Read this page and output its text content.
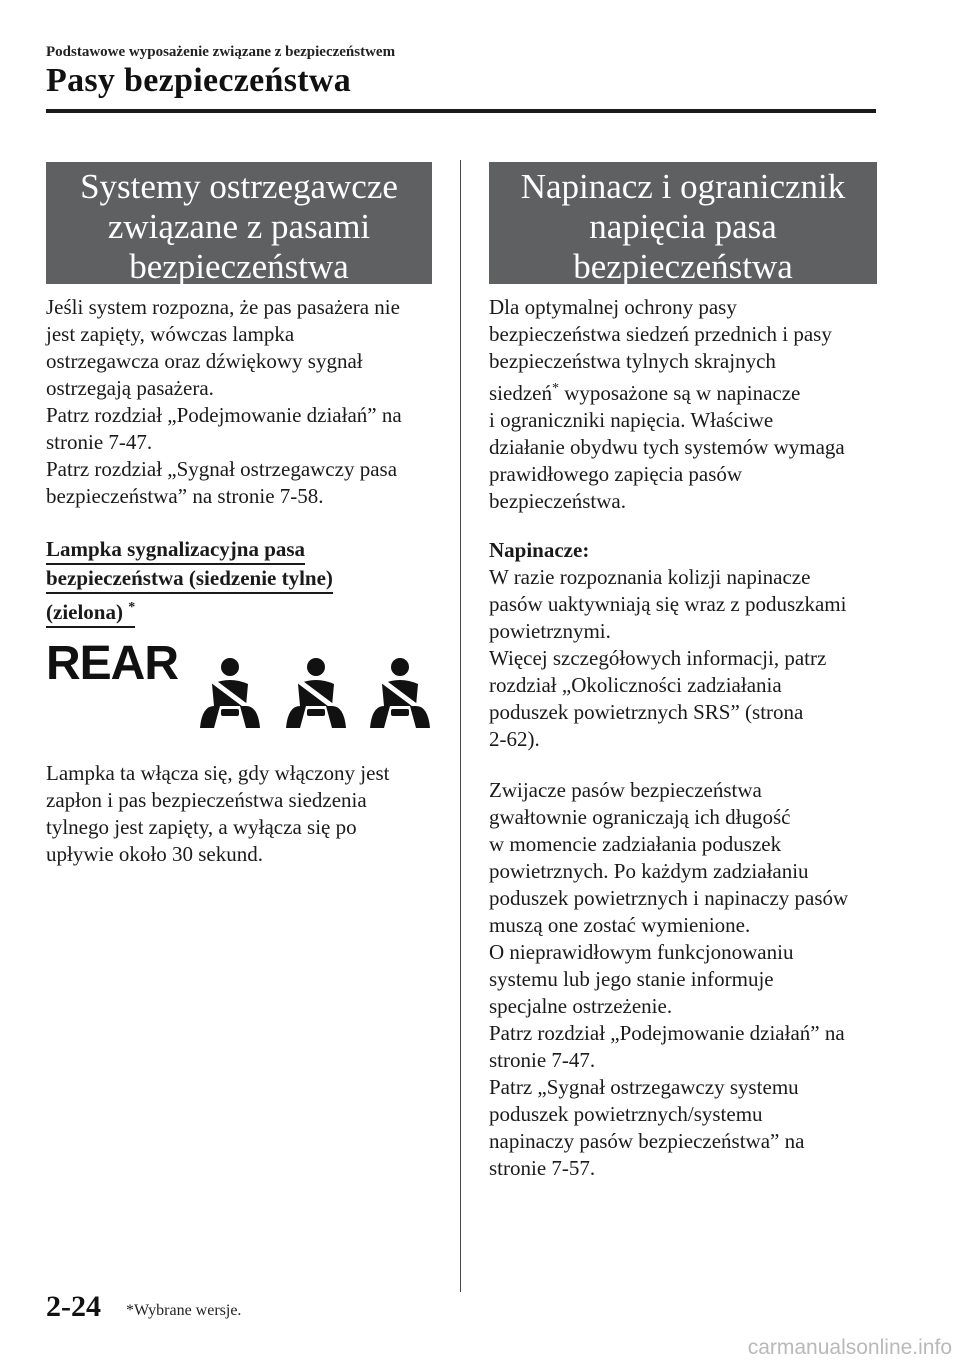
Podstawowe wyposażenie związane z bezpieczeństwem
Pasy bezpieczeństwa
Systemy ostrzegawcze
związane z pasami
bezpieczeństwa

Jeśli system rozpozna, że pas pasażera nie
jest zapięty, wówczas lampka
ostrzegawcza oraz dźwiękowy sygnał
ostrzegają pasażera.
Patrz rozdział „Podejmowanie działań” na
stronie 7-47.
Patrz rozdział „Sygnał ostrzegawczy pasa
bezpieczeństwa” na stronie 7-58.

Lampka sygnalizacyjna pasa

bezpieczeństwa (siedzenie tylne)

(zielona) *

REAR

Lampka ta włącza się, gdy włączony jest
zapłon i pas bezpieczeństwa siedzenia
tylnego jest zapięty, a wyłącza się po
upływie około 30 sekund.

Napinacz i ogranicznik
napięcia pasa
bezpieczeństwa

Dla optymalnej ochrony pasy
bezpieczeństwa siedzeń przednich i pasy
bezpieczeństwa tylnych skrajnych
siedzeń* wyposażone są w napinacze
i ograniczniki napięcia. Właściwe
działanie obydwu tych systemów wymaga
prawidłowego zapięcia pasów
bezpieczeństwa.

Napinacze:

W razie rozpoznania kolizji napinacze
pasów uaktywniają się wraz z poduszkami
powietrznymi.
Więcej szczegółowych informacji, patrz
rozdział „Okoliczności zadziałania
poduszek powietrznych SRS” (strona
2-62).

Zwijacze pasów bezpieczeństwa
gwałtownie ograniczają ich długość
w momencie zadziałania poduszek
powietrznych. Po każdym zadziałaniu
poduszek powietrznych i napinaczy pasów
muszą one zostać wymienione.
O nieprawidłowym funkcjonowaniu
systemu lub jego stanie informuje
specjalne ostrzeżenie.
Patrz rozdział „Podejmowanie działań” na
stronie 7-47.
Patrz „Sygnał ostrzegawczy systemu
poduszek powietrznych/systemu
napinaczy pasów bezpieczeństwa” na
stronie 7-57.

2-24 *Wybrane wersje.
carmanualsonline.info
